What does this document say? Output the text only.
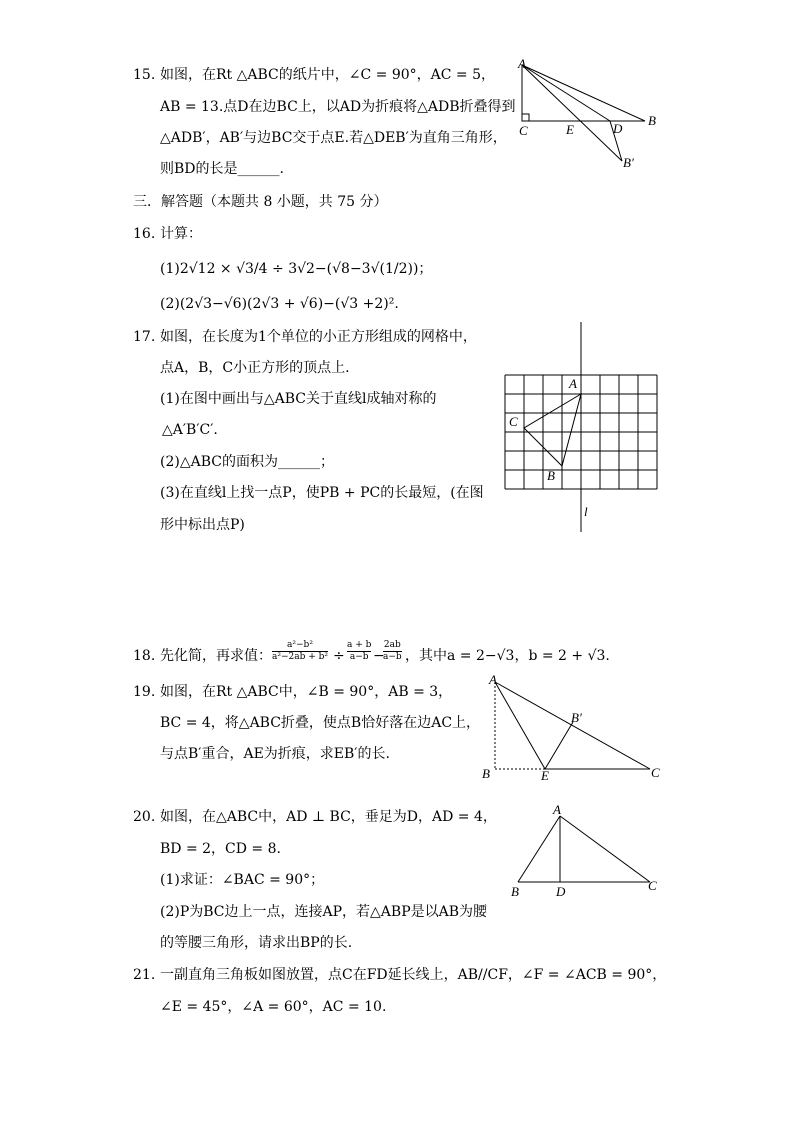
15. 如图，在Rt △ABC的纸片中，∠C = 90°，AC = 5，
AB = 13.点D在边BC上，以AD为折痕将△ADB折叠得到
△ADB′，AB′与边BC交于点E.若△DEB′为直角三角形，
则BD的长是______.
A
B
C	D
E
B′
三．解答题（本题共 8 小题，共 75 分）
16. 计算：
(1)2√12 × √3/4 ÷ 3√2−(√8−3√(1/2))；
(2)(2√3−√6)(2√3 + √6)−(√3 +2)².
17. 如图，在长度为1个单位的小正方形组成的网格中，
点A，B，C小正方形的顶点上.
(1)在图中画出与△ABC关于直线l成轴对称的
△A′B′C′.
(2)△ABC的面积为______；
(3)在直线l上找一点P，使PB + PC的长最短，(在图
形中标出点P)
A
C
B
l
18. 先化简，再求值： $\frac{\text{a²−b²}}{\text{a²−2ab + b²}} \div \frac{a + b}{a-b}$ −
$\frac{2ab}{a-b}$ ，其中a = 2−√3，b = 2 + √3.
19. 如图，在Rt △ABC中，∠B = 90°，AB = 3，
BC = 4，将△ABC折叠，使点B恰好落在边AC上，
与点B′重合，AE为折痕，求EB′的长.
A
B	C
E
B′
20. 如图，在△ABC中，AD ⊥ BC，垂足为D，AD = 4，
BD = 2，CD = 8.
(1)求证：∠BAC = 90°；
(2)P为BC边上一点，连接AP，若△ABP是以AB为腰
的等腰三角形，请求出BP的长.
A
B	D	C
21. 一副直角三角板如图放置，点C在FD延长线上，AB//CF，∠F = ∠ACB = 90°，
∠E = 45°，∠A = 60°，AC = 10.
